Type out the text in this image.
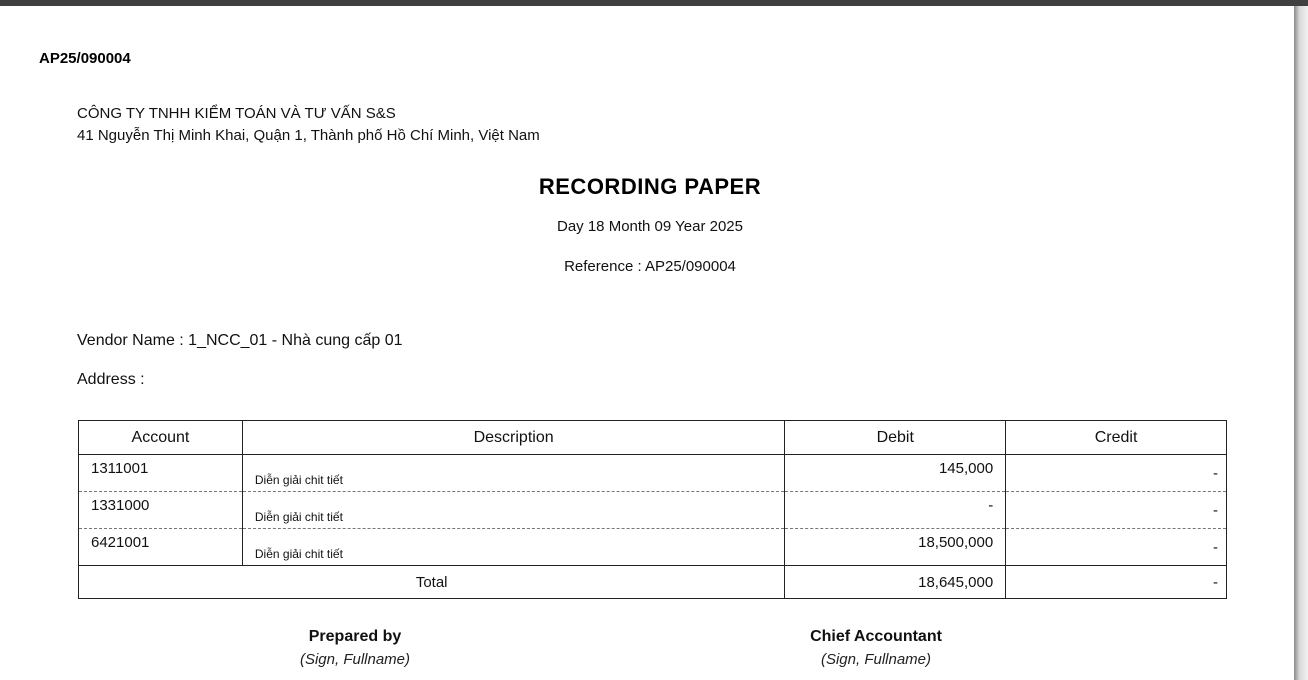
AP25/090004
CÔNG TY TNHH KIỂM TOÁN VÀ TƯ VẤN S&S
41 Nguyễn Thị Minh Khai, Quận 1, Thành phố Hồ Chí Minh, Việt Nam
RECORDING PAPER
Day 18 Month 09 Year 2025
Reference : AP25/090004
Vendor Name : 1_NCC_01 - Nhà cung cấp 01
Address :
Account	Description	Debit	Credit
1311001	Diễn giải chit tiết	145,000	-
1331000	Diễn giải chit tiết	-	-
6421001	Diễn giải chit tiết	18,500,000	-
Total		18,645,000	-
Prepared by
(Sign, Fullname)
Chief Accountant
(Sign, Fullname)
